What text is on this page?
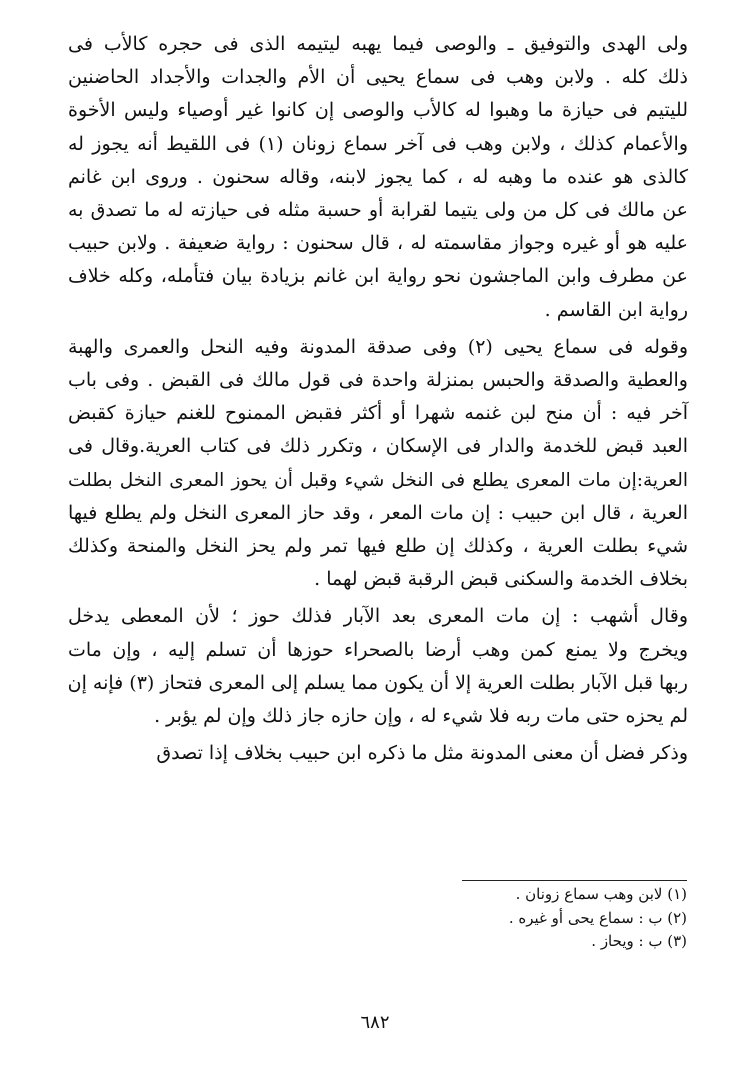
ولى الهدى والتوفيق ـ والوصى فيما يهبه ليتيمه الذى فى حجره كالأب فى
ذلك كله . ولابن وهب فى سماع يحيى أن الأم والجدات والأجداد الحاضنين
لليتيم فى حيازة ما وهبوا له كالأب والوصى إن كانوا غير أوصياء وليس الأخوة
والأعمام كذلك ، ولابن وهب فى آخر سماع زونان (١) فى اللقيط أنه يجوز له
كالذى هو عنده ما وهبه له ، كما يجوز لابنه، وقاله سحنون . وروى ابن غانم
عن مالك فى كل من ولى يتيما لقرابة أو حسبة مثله فى حيازته له ما تصدق به
عليه هو أو غيره وجواز مقاسمته له ، قال سحنون : رواية ضعيفة . ولابن حبيب
عن مطرف وابن الماجشون نحو رواية ابن غانم بزيادة بيان فتأمله، وكله خلاف
رواية ابن القاسم .
وقوله فى سماع يحيى (٢) وفى صدقة المدونة وفيه النحل والعمرى والهبة
والعطية والصدقة والحبس بمنزلة واحدة فى قول مالك فى القبض . وفى باب
آخر فيه : أن منح لبن غنمه شهرا أو أكثر فقبض الممنوح للغنم حيازة كقبض
العبد قبض للخدمة والدار فى الإسكان ، وتكرر ذلك فى كتاب العرية.وقال فى
العرية:إن مات المعرى يطلع فى النخل شيء وقبل أن يحوز المعرى النخل بطلت
العرية ، قال ابن حبيب : إن مات المعر ، وقد حاز المعرى النخل ولم يطلع فيها
شيء بطلت العرية ، وكذلك إن طلع فيها تمر ولم يحز النخل والمنحة وكذلك
بخلاف الخدمة والسكنى قبض الرقبة قبض لهما .
وقال أشهب : إن مات المعرى بعد الآبار فذلك حوز ؛ لأن المعطى يدخل
ويخرج ولا يمنع كمن وهب أرضا بالصحراء حوزها أن تسلم إليه ، وإن مات
ربها قبل الآبار بطلت العرية إلا أن يكون مما يسلم إلى المعرى فتحاز (٣) فإنه إن
لم يحزه حتى مات ربه فلا شيء له ، وإن حازه جاز ذلك وإن لم يؤبر .
وذكر فضل أن معنى المدونة مثل ما ذكره ابن حبيب بخلاف إذا تصدق
(١) لابن وهب سماع زونان .
(٢) ب : سماع يحى أو غيره .
(٣) ب : ويحاز .
٦٨٢
